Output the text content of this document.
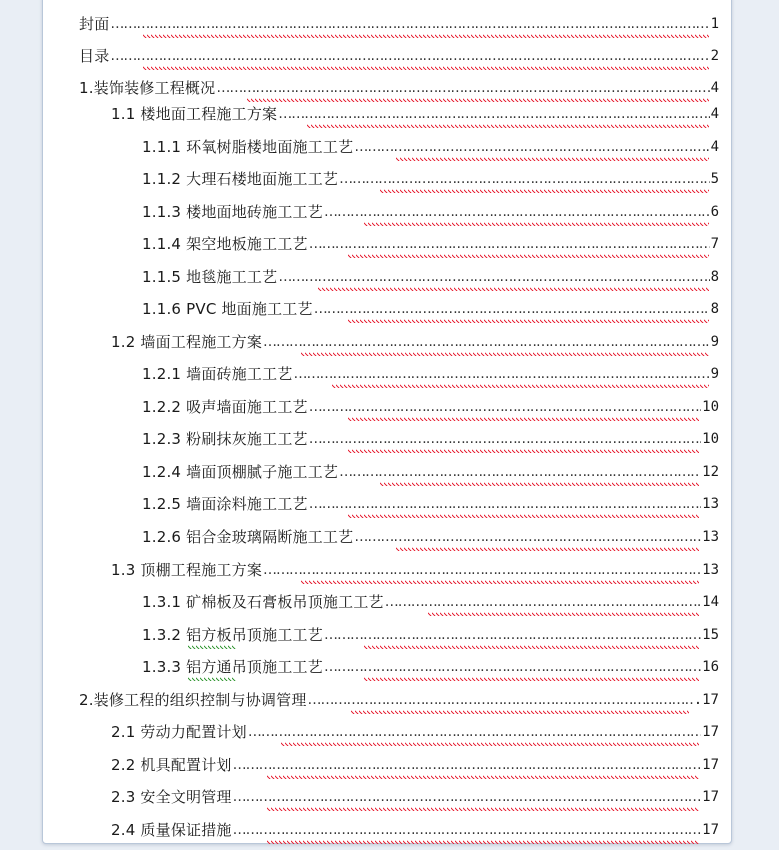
封面 ……………………………………………………………………………………………………………………………………………………………………………………………………………………	1
目录 ……………………………………………………………………………………………………………………………………………………………………………………………………………………	2
1.装饰装修工程概况 ……………………………………………………………………………………………………………………………………………………………………………………………………………………	4
1.1 楼地面工程施工方案 ……………………………………………………………………………………………………………………………………………………………………………………………………………………	4
1.1.1 环氧树脂楼地面施工工艺 ……………………………………………………………………………………………………………………………………………………………………………………………………………………	4
1.1.2 大理石楼地面施工工艺 ……………………………………………………………………………………………………………………………………………………………………………………………………………………	5
1.1.3 楼地面地砖施工工艺 ……………………………………………………………………………………………………………………………………………………………………………………………………………………	6
1.1.4 架空地板施工工艺 ……………………………………………………………………………………………………………………………………………………………………………………………………………………	7
1.1.5 地毯施工工艺 ……………………………………………………………………………………………………………………………………………………………………………………………………………………	8
1.1.6 PVC 地面施工工艺 ……………………………………………………………………………………………………………………………………………………………………………………………………………………	8
1.2 墙面工程施工方案 ……………………………………………………………………………………………………………………………………………………………………………………………………………………	9
1.2.1 墙面砖施工工艺 ……………………………………………………………………………………………………………………………………………………………………………………………………………………	9
1.2.2 吸声墙面施工工艺 ……………………………………………………………………………………………………………………………………………………………………………………………………………………	10
1.2.3 粉刷抹灰施工工艺 ……………………………………………………………………………………………………………………………………………………………………………………………………………………	10
1.2.4 墙面顶棚腻子施工工艺 ……………………………………………………………………………………………………………………………………………………………………………………………………………………	12
1.2.5 墙面涂料施工工艺 ……………………………………………………………………………………………………………………………………………………………………………………………………………………	13
1.2.6 铝合金玻璃隔断施工工艺 ……………………………………………………………………………………………………………………………………………………………………………………………………………………	13
1.3 顶棚工程施工方案 ……………………………………………………………………………………………………………………………………………………………………………………………………………………	13
1.3.1 矿棉板及石膏板吊顶施工工艺 ……………………………………………………………………………………………………………………………………………………………………………………………………………………	14
1.3.2 铝方板吊顶施工工艺 ……………………………………………………………………………………………………………………………………………………………………………………………………………………	15
1.3.3 铝方通吊顶施工工艺 ……………………………………………………………………………………………………………………………………………………………………………………………………………………	16
2.装修工程的组织控制与协调管理 ……………………………………………………………………………………………………………………………………………………………………………………………………………………	.17
2.1 劳动力配置计划 ……………………………………………………………………………………………………………………………………………………………………………………………………………………	17
2.2 机具配置计划 ……………………………………………………………………………………………………………………………………………………………………………………………………………………	17
2.3 安全文明管理 ……………………………………………………………………………………………………………………………………………………………………………………………………………………	17
2.4 质量保证措施 ……………………………………………………………………………………………………………………………………………………………………………………………………………………	17
